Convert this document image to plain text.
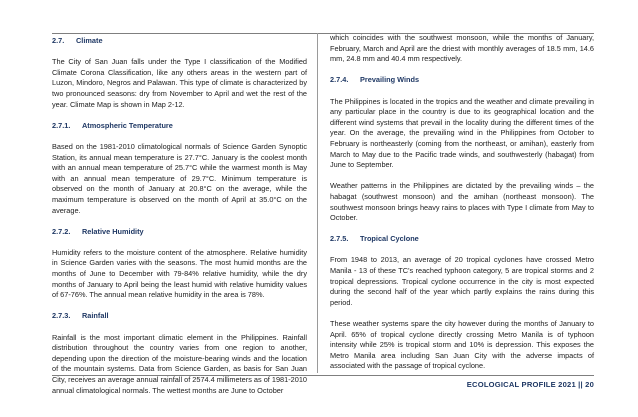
2.7. Climate

The City of San Juan falls under the Type I classification of the Modified Climate Corona Classification, like any others areas in the western part of Luzon, Mindoro, Negros and Palawan. This type of climate is characterized by two pronounced seasons: dry from November to April and wet the rest of the year. Climate Map is shown in Map 2-12.

2.7.1. Atmospheric Temperature

Based on the 1981-2010 climatological normals of Science Garden Synoptic Station, its annual mean temperature is 27.7°C. January is the coolest month with an annual mean temperature of 25.7°C while the warmest month is May with an annual mean temperature of 29.7°C. Minimum temperature is observed on the month of January at 20.8°C on the average, while the maximum temperature is observed on the month of April at 35.0°C on the average.

2.7.2. Relative Humidity

Humidity refers to the moisture content of the atmosphere. Relative humidity in Science Garden varies with the seasons. The most humid months are the months of June to December with 79-84% relative humidity, while the dry months of January to April being the least humid with relative humidity values of 67-76%. The annual mean relative humidity in the area is 78%.

2.7.3. Rainfall

Rainfall is the most important climatic element in the Philippines. Rainfall distribution throughout the country varies from one region to another, depending upon the direction of the moisture-bearing winds and the location of the mountain systems. Data from Science Garden, as basis for San Juan City, receives an average annual rainfall of 2574.4 millimeters as of 1981-2010 annual climatological normals. The wettest months are June to October

which coincides with the southwest monsoon, while the months of January, February, March and April are the driest with monthly averages of 18.5 mm, 14.6 mm, 24.8 mm and 40.4 mm respectively.

2.7.4. Prevailing Winds

The Philippines is located in the tropics and the weather and climate prevailing in any particular place in the country is due to its geographical location and the different wind systems that prevail in the locality during the different times of the year. On the average, the prevailing wind in the Philippines from October to February is northeasterly (coming from the northeast, or amihan), easterly from March to May due to the Pacific trade winds, and southwesterly (habagat) from June to September.

Weather patterns in the Philippines are dictated by the prevailing winds – the habagat (southwest monsoon) and the amihan (northeast monsoon). The southwest monsoon brings heavy rains to places with Type I climate from May to October.

2.7.5. Tropical Cyclone

From 1948 to 2013, an average of 20 tropical cyclones have crossed Metro Manila - 13 of these TC's reached typhoon category, 5 are tropical storms and 2 tropical depressions. Tropical cyclone occurrence in the city is most expected during the second half of the year which partly explains the rains during this period.

These weather systems spare the city however during the months of January to April. 65% of tropical cyclone directly crossing Metro Manila is of typhoon intensity while 25% is tropical storm and 10% is depression. This exposes the Metro Manila area including San Juan City with the adverse impacts of associated with the passage of tropical cyclone.

ECOLOGICAL PROFILE 2021 || 20
